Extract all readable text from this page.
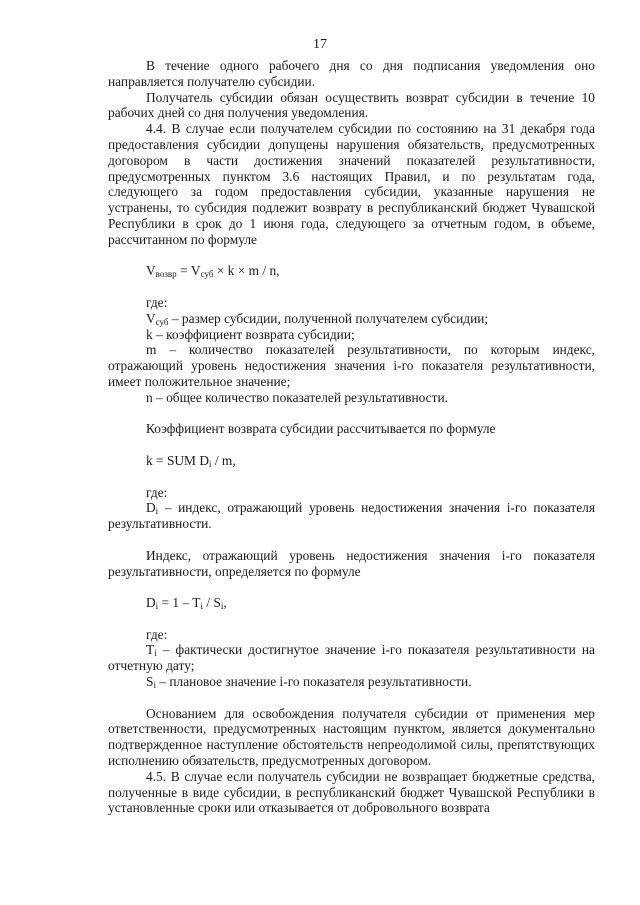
17

В течение одного рабочего дня со дня подписания уведомления оно направляется получателю субсидии.

Получатель субсидии обязан осуществить возврат субсидии в течение 10 рабочих дней со дня получения уведомления.

4.4. В случае если получателем субсидии по состоянию на 31 декабря года предоставления субсидии допущены нарушения обязательств, предусмотренных договором в части достижения значений показателей результативности, предусмотренных пунктом 3.6 настоящих Правил, и по результатам года, следующего за годом предоставления субсидии, указанные нарушения не устранены, то субсидия подлежит возврату в республиканский бюджет Чувашской Республики в срок до 1 июня года, следующего за отчетным годом, в объеме, рассчитанном по формуле

$V_{возвр} = V_{суб} \times k \times m / n$,

где:

$V_{суб}$ – размер субсидии, полученной получателем субсидии;

k – коэффициент возврата субсидии;

m – количество показателей результативности, по которым индекс, отражающий уровень недостижения значения i-го показателя результативности, имеет положительное значение;

n – общее количество показателей результативности.

Коэффициент возврата субсидии рассчитывается по формуле

k = SUM $D_i$ / m,

где:

$D_i$ – индекс, отражающий уровень недостижения значения i-го показателя результативности.

Индекс, отражающий уровень недостижения значения i-го показателя результативности, определяется по формуле

$D_i = 1 - T_i / S_i$,

где:

$T_i$ – фактически достигнутое значение i-го показателя результативности на отчетную дату;

$S_i$ – плановое значение i-го показателя результативности.

Основанием для освобождения получателя субсидии от применения мер ответственности, предусмотренных настоящим пунктом, является документально подтвержденное наступление обстоятельств непреодолимой силы, препятствующих исполнению обязательств, предусмотренных договором.

4.5. В случае если получатель субсидии не возвращает бюджетные средства, полученные в виде субсидии, в республиканский бюджет Чувашской Республики в установленные сроки или отказывается от добровольного возврата
